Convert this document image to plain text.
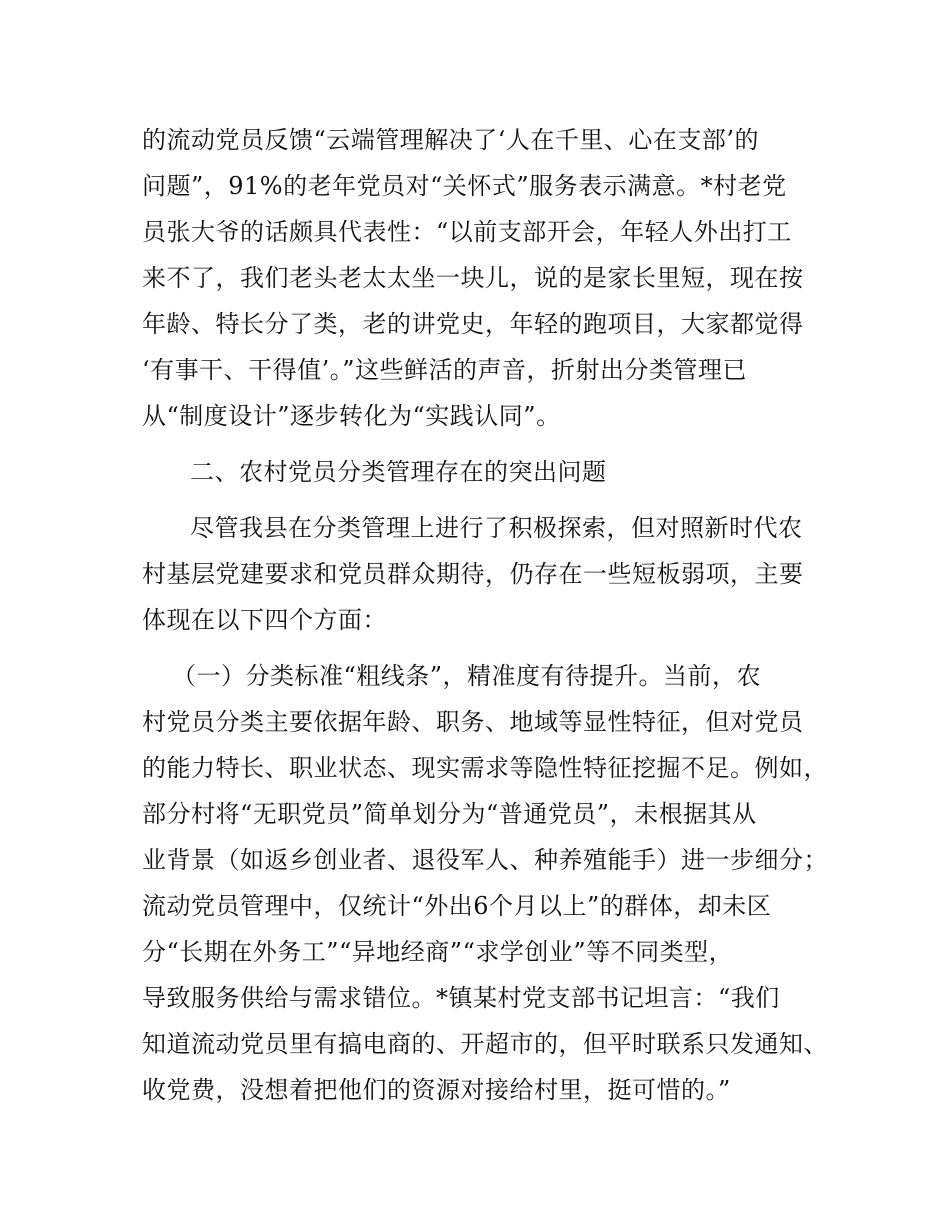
的流动党员反馈“云端管理解决了‘人在千里、心在支部’的
问题”，91%的老年党员对“关怀式”服务表示满意。*村老党
员张大爷的话颇具代表性：“以前支部开会，年轻人外出打工
来不了，我们老头老太太坐一块儿，说的是家长里短，现在按
年龄、特长分了类，老的讲党史，年轻的跑项目，大家都觉得
‘有事干、干得值’。”这些鲜活的声音，折射出分类管理已
从“制度设计”逐步转化为“实践认同”。
二、农村党员分类管理存在的突出问题
尽管我县在分类管理上进行了积极探索，但对照新时代农
村基层党建要求和党员群众期待，仍存在一些短板弱项，主要
体现在以下四个方面：
（一）分类标准“粗线条”，精准度有待提升。当前，农
村党员分类主要依据年龄、职务、地域等显性特征，但对党员
的能力特长、职业状态、现实需求等隐性特征挖掘不足。例如，
部分村将“无职党员”简单划分为“普通党员”，未根据其从
业背景（如返乡创业者、退役军人、种养殖能手）进一步细分；
流动党员管理中，仅统计“外出6个月以上”的群体，却未区
分“长期在外务工”“异地经商”“求学创业”等不同类型，
导致服务供给与需求错位。*镇某村党支部书记坦言：“我们
知道流动党员里有搞电商的、开超市的，但平时联系只发通知、
收党费，没想着把他们的资源对接给村里，挺可惜的。”
